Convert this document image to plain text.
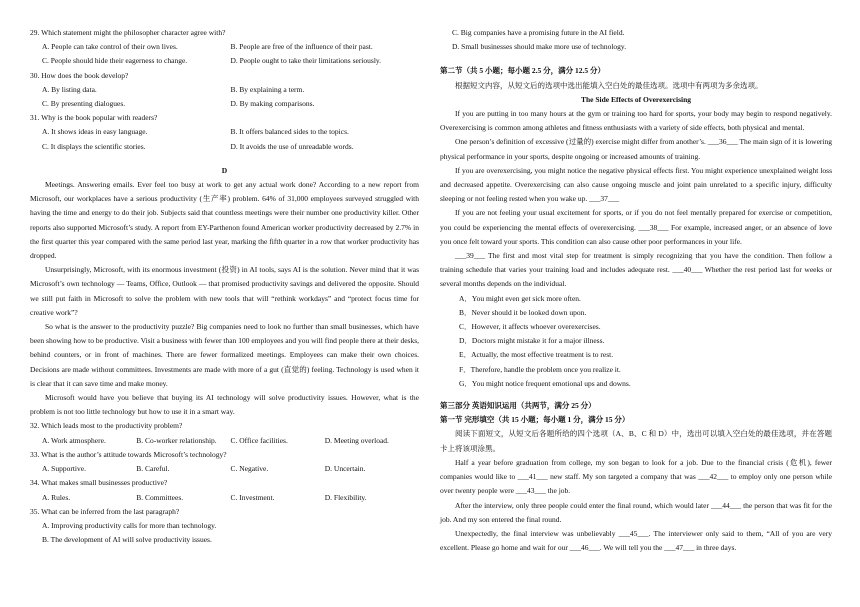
29. Which statement might the philosopher character agree with?

A. People can take control of their own lives.	B. People are free of the influence of their past.
C. People should hide their eagerness to change.	D. People ought to take their limitations seriously.

30. How does the book develop?

A. By listing data.	B. By explaining a term.
C. By presenting dialogues.	D. By making comparisons.

31. Why is the book popular with readers?

A. It shows ideas in easy language.	B. It offers balanced sides to the topics.
C. It displays the scientific stories.	D. It avoids the use of unreadable words.

D

Meetings. Answering emails. Ever feel too busy at work to get any actual work done? According to a new report from Microsoft, our workplaces have a serious productivity (生产率) problem. 64% of 31,000 employees surveyed struggled with having the time and energy to do their job. Subjects said that countless meetings were their number one productivity killer. Other reports also supported Microsoft’s study. A report from EY-Parthenon found American worker productivity decreased by 2.7% in the first quarter this year compared with the same period last year, marking the fifth quarter in a row that worker productivity has dropped.

Unsurprisingly, Microsoft, with its enormous investment (投资) in AI tools, says AI is the solution. Never mind that it was Microsoft’s own technology — Teams, Office, Outlook — that promised productivity savings and delivered the opposite. Should we still put faith in Microsoft to solve the problem with new tools that will “rethink workdays” and “protect focus time for creative work”?

So what is the answer to the productivity puzzle? Big companies need to look no further than small businesses, which have been showing how to be productive. Visit a business with fewer than 100 employees and you will find people there at their desks, behind counters, or in front of machines. There are fewer formalized meetings. Employees can make their own choices. Decisions are made without committees. Investments are made with more of a gut (直觉的) feeling. Technology is used when it is clear that it can save time and make money.

Microsoft would have you believe that buying its AI technology will solve productivity issues. However, what is the problem is not too little technology but how to use it in a smart way.

32. Which leads most to the productivity problem?

A. Work atmosphere.	B. Co-worker relationship.	C. Office facilities.	D. Meeting overload.

33. What is the author’s attitude towards Microsoft’s technology?

A. Supportive.	B. Careful.	C. Negative.	D. Uncertain.

34. What makes small businesses productive?

A. Rules.	B. Committees.	C. Investment.	D. Flexibility.

35. What can be inferred from the last paragraph?

A. Improving productivity calls for more than technology.
B. The development of AI will solve productivity issues.
C. Big companies have a promising future in the AI field.
D. Small businesses should make more use of technology.

第二节（共 5 小题；每小题 2.5 分，满分 12.5 分）

根据短文内容，从短文后的选项中选出能填入空白处的最佳选项。选项中有两项为多余选项。

The Side Effects of Overexercising

If you are putting in too many hours at the gym or training too hard for sports, your body may begin to respond negatively. Overexercising is common among athletes and fitness enthusiasts with a variety of side effects, both physical and mental.

One person’s definition of excessive (过量的) exercise might differ from another’s. ___36___ The main sign of it is lowering physical performance in your sports, despite ongoing or increased amounts of training.

If you are overexercising, you might notice the negative physical effects first. You might experience unexplained weight loss and decreased appetite. Overexercising can also cause ongoing muscle and joint pain unrelated to a specific injury, difficulty sleeping or not feeling rested when you wake up. ___37___

If you are not feeling your usual excitement for sports, or if you do not feel mentally prepared for exercise or competition, you could be experiencing the mental effects of overexercising. ___38___ For example, increased anger, or an absence of love you once felt toward your sports. This condition can also cause other poor performances in your life.

___39___ The first and most vital step for treatment is simply recognizing that you have the condition. Then follow a training schedule that varies your training load and includes adequate rest. ___40___ Whether the rest period last for weeks or several months depends on the individual.

A．You might even get sick more often.

B．Never should it be looked down upon.

C．However, it affects whoever overexercises.

D．Doctors might mistake it for a major illness.

E．Actually, the most effective treatment is to rest.

F．Therefore, handle the problem once you realize it.

G．You might notice frequent emotional ups and downs.

第三部分 英语知识运用（共两节，满分 25 分）

第一节 完形填空（共 15 小题；每小题 1 分，满分 15 分）

阅读下面短文，从短文后各题所给的四个选项（A、B、C 和 D）中，选出可以填入空白处的最佳选项，并在答题卡上将该项涂黑。

Half a year before graduation from college, my son began to look for a job. Due to the financial crisis (危机), fewer companies would like to ___41___ new staff. My son targeted a company that was ___42___ to employ only one person while over twenty people were ___43___ the job.

After the interview, only three people could enter the final round, which would later ___44___ the person that was fit for the job. And my son entered the final round.

Unexpectedly, the final interview was unbelievably ___45___. The interviewer only said to them, “All of you are very excellent. Please go home and wait for our ___46___. We will tell you the ___47___ in three days.
